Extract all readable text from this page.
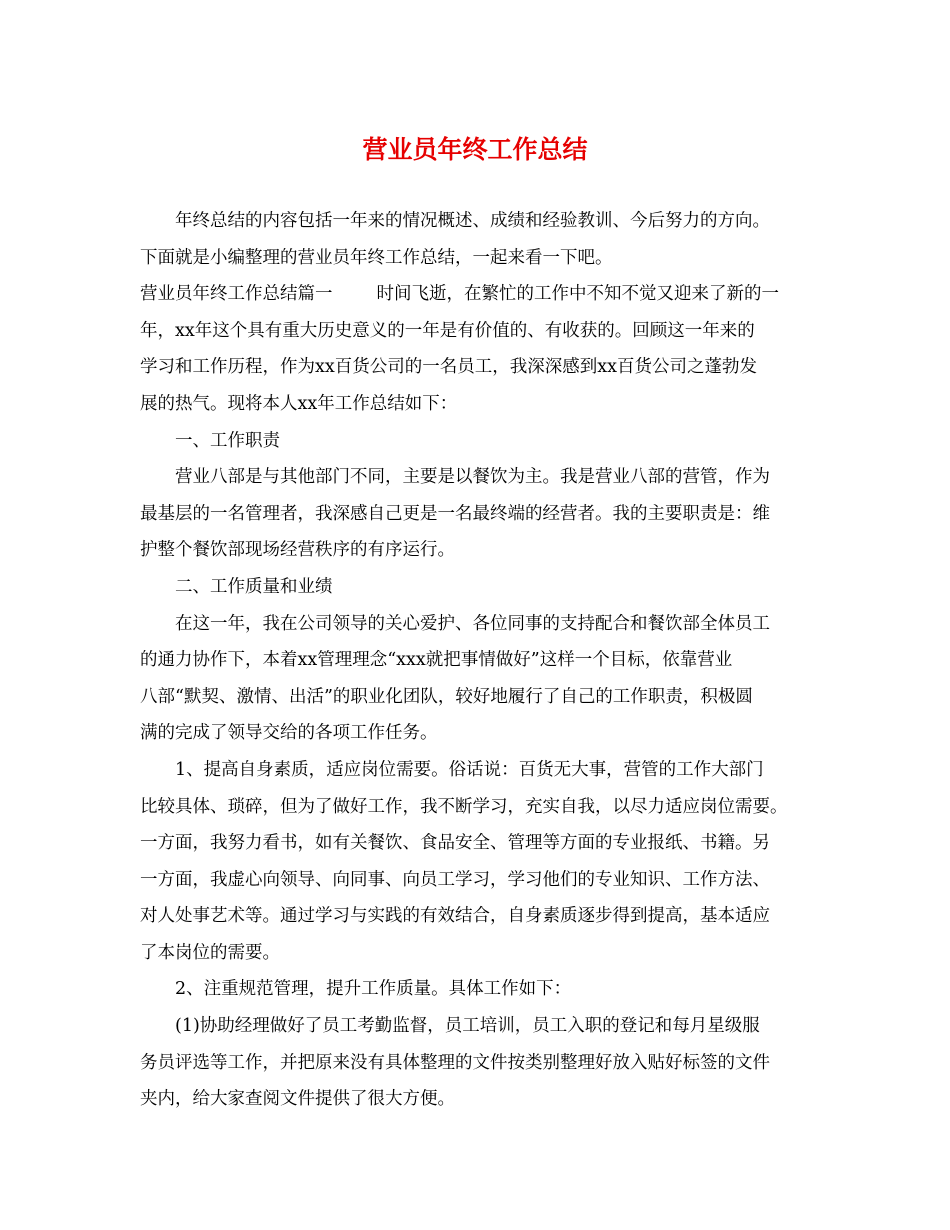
营业员年终工作总结
年终总结的内容包括一年来的情况概述、成绩和经验教训、今后努力的方向。
下面就是小编整理的营业员年终工作总结，一起来看一下吧。
营业员年终工作总结篇一	时间飞逝，在繁忙的工作中不知不觉又迎来了新的一
年，xx年这个具有重大历史意义的一年是有价值的、有收获的。回顾这一年来的
学习和工作历程，作为xx百货公司的一名员工，我深深感到xx百货公司之蓬勃发
展的热气。现将本人xx年工作总结如下：
一、工作职责
营业八部是与其他部门不同，主要是以餐饮为主。我是营业八部的营管，作为
最基层的一名管理者，我深感自己更是一名最终端的经营者。我的主要职责是：维
护整个餐饮部现场经营秩序的有序运行。
二、工作质量和业绩
在这一年，我在公司领导的关心爱护、各位同事的支持配合和餐饮部全体员工
的通力协作下，本着xx管理理念“xxx就把事情做好”这样一个目标，依靠营业
八部“默契、激情、出活”的职业化团队，较好地履行了自己的工作职责，积极圆
满的完成了领导交给的各项工作任务。
1、提高自身素质，适应岗位需要。俗话说：百货无大事，营管的工作大部门
比较具体、琐碎，但为了做好工作，我不断学习，充实自我，以尽力适应岗位需要。
一方面，我努力看书，如有关餐饮、食品安全、管理等方面的专业报纸、书籍。另
一方面，我虚心向领导、向同事、向员工学习，学习他们的专业知识、工作方法、
对人处事艺术等。通过学习与实践的有效结合，自身素质逐步得到提高，基本适应
了本岗位的需要。
2、注重规范管理，提升工作质量。具体工作如下：
(1)协助经理做好了员工考勤监督，员工培训，员工入职的登记和每月星级服
务员评选等工作，并把原来没有具体整理的文件按类别整理好放入贴好标签的文件
夹内，给大家查阅文件提供了很大方便。
